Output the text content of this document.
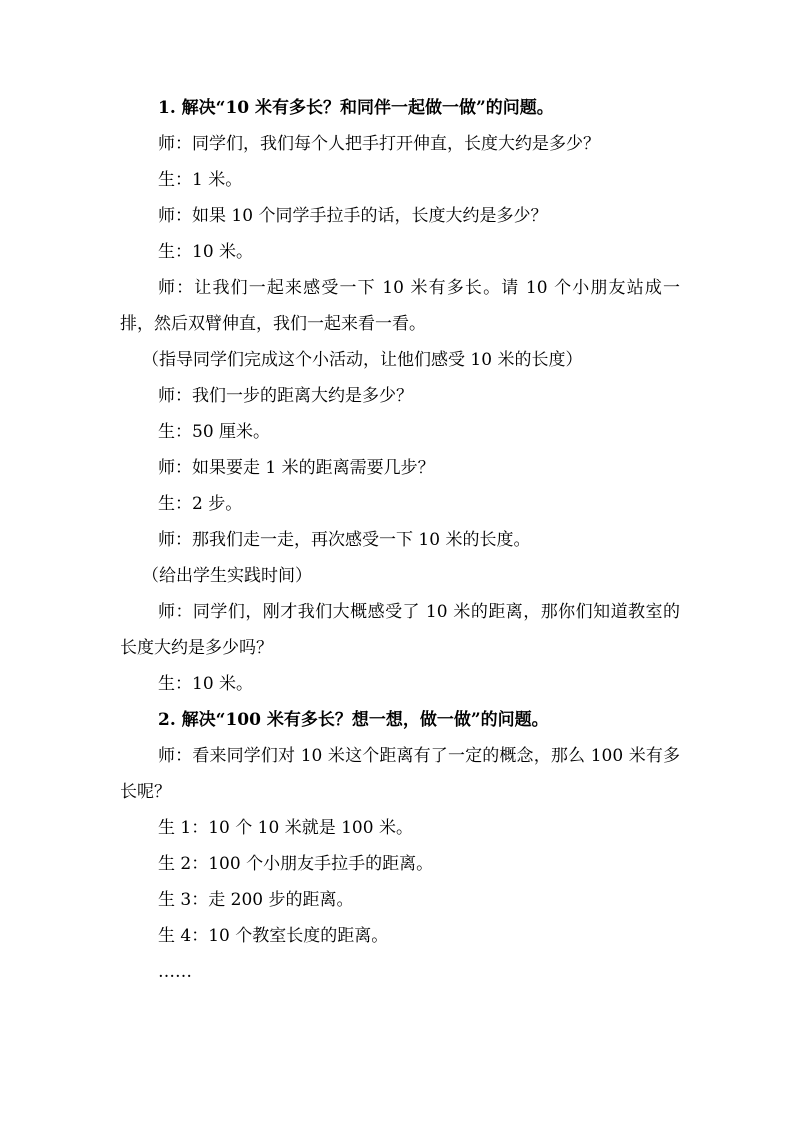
1. 解决“10 米有多长？和同伴一起做一做”的问题。

师：同学们，我们每个人把手打开伸直，长度大约是多少？

生：1 米。

师：如果 10 个同学手拉手的话，长度大约是多少？

生：10 米。

师：让我们一起来感受一下 10 米有多长。请 10 个小朋友站成一排，然后双臂伸直，我们一起来看一看。

（指导同学们完成这个小活动，让他们感受 10 米的长度）

师：我们一步的距离大约是多少？

生：50 厘米。

师：如果要走 1 米的距离需要几步？

生：2 步。

师：那我们走一走，再次感受一下 10 米的长度。

（给出学生实践时间）

师：同学们，刚才我们大概感受了 10 米的距离，那你们知道教室的长度大约是多少吗？

生：10 米。

2. 解决“100 米有多长？想一想，做一做”的问题。

师：看来同学们对 10 米这个距离有了一定的概念，那么 100 米有多长呢？

生 1：10 个 10 米就是 100 米。

生 2：100 个小朋友手拉手的距离。

生 3：走 200 步的距离。

生 4：10 个教室长度的距离。

……
